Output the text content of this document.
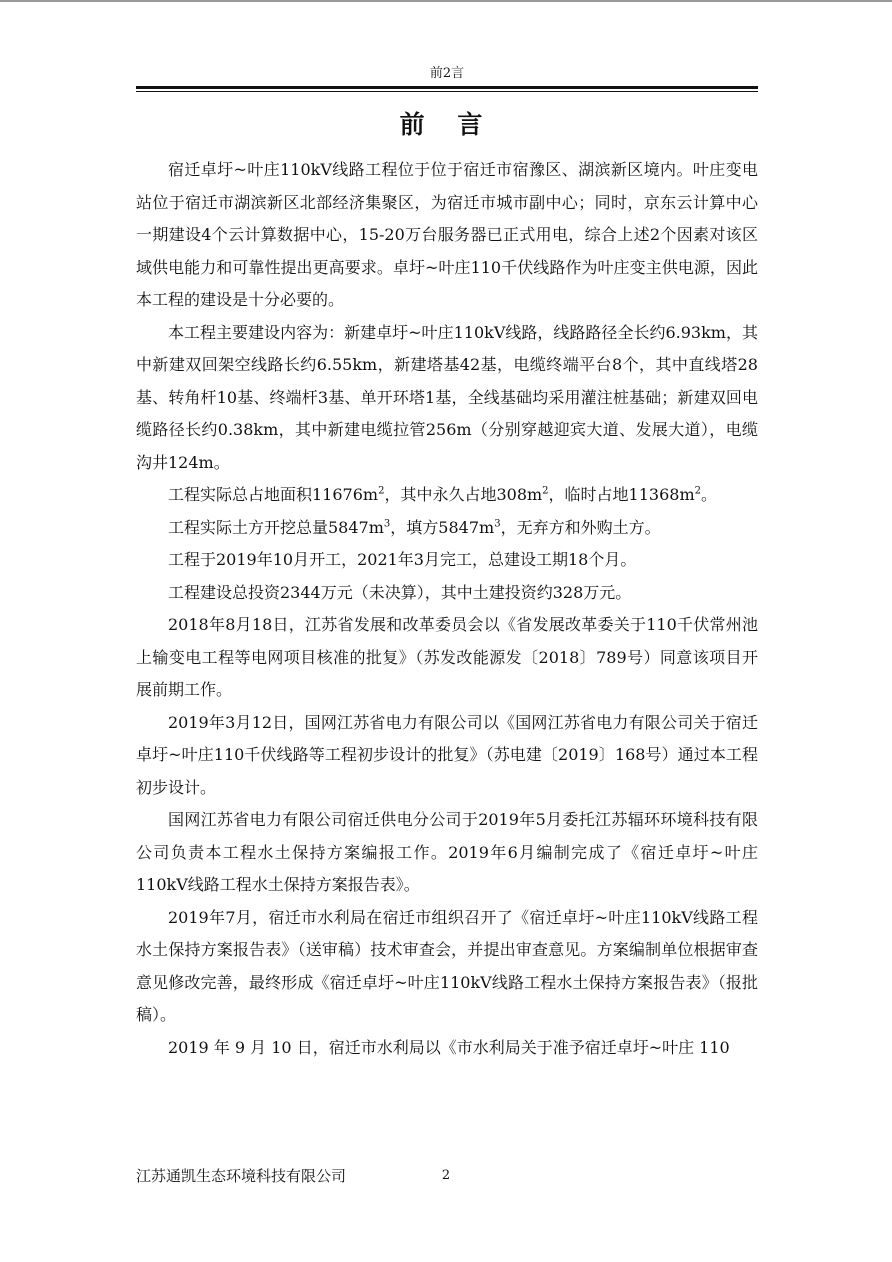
前2言
前 言

宿迁卓圩~叶庄110kV线路工程位于位于宿迁市宿豫区、湖滨新区境内。叶庄变电站位于宿迁市湖滨新区北部经济集聚区，为宿迁市城市副中心；同时，京东云计算中心一期建设4个云计算数据中心，15-20万台服务器已正式用电，综合上述2个因素对该区域供电能力和可靠性提出更高要求。卓圩~叶庄110千伏线路作为叶庄变主供电源，因此本工程的建设是十分必要的。

本工程主要建设内容为：新建卓圩~叶庄110kV线路，线路路径全长约6.93km，其中新建双回架空线路长约6.55km，新建塔基42基，电缆终端平台8个，其中直线塔28基、转角杆10基、终端杆3基、单开环塔1基，全线基础均采用灌注桩基础；新建双回电缆路径长约0.38km，其中新建电缆拉管256m（分别穿越迎宾大道、发展大道），电缆沟井124m。

工程实际总占地面积$11676m^2$，其中永久占地$308m^2$，临时占地$11368m^2$。

工程实际土方开挖总量$5847m^3$，填方$5847m^3$，无弃方和外购土方。

工程于2019年10月开工，2021年3月完工，总建设工期18个月。

工程建设总投资2344万元（未决算），其中土建投资约328万元。

2018年8月18日，江苏省发展和改革委员会以《省发展改革委关于110千伏常州池上输变电工程等电网项目核准的批复》（苏发改能源发〔2018〕789号）同意该项目开展前期工作。

2019年3月12日，国网江苏省电力有限公司以《国网江苏省电力有限公司关于宿迁卓圩~叶庄110千伏线路等工程初步设计的批复》（苏电建〔2019〕168号）通过本工程初步设计。

国网江苏省电力有限公司宿迁供电分公司于2019年5月委托江苏辐环环境科技有限公司负责本工程水土保持方案编报工作。2019年6月编制完成了《宿迁卓圩~叶庄110kV线路工程水土保持方案报告表》。

2019年7月，宿迁市水利局在宿迁市组织召开了《宿迁卓圩~叶庄110kV线路工程水土保持方案报告表》（送审稿）技术审查会，并提出审查意见。方案编制单位根据审查意见修改完善，最终形成《宿迁卓圩~叶庄110kV线路工程水土保持方案报告表》（报批稿）。

2019 年 9 月 10 日，宿迁市水利局以《市水利局关于准予宿迁卓圩~叶庄 110

江苏通凯生态环境科技有限公司	2
